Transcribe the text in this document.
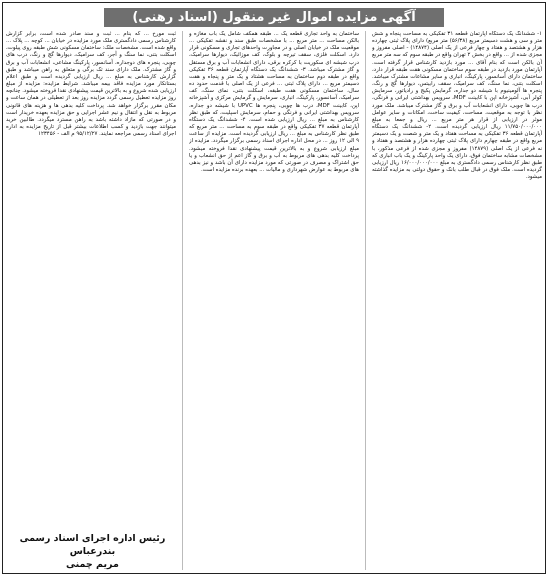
آگهی مزایده اموال غیر منقول (اسناد رهنی)

۱- ششدانگ یک دستگاه آپارتمان قطعه ۳۱ تفکیکی به مساحت پنجاه و شش متر و سی و هشت دسیمتر مربع (۵۶/۳۸) متر مربع) دارای پلاک ثبتی چهارده هزار و هشتصد و هفتاد و چهار فرعی از یک اصلی (۱۴۸۷۴) - اصلی مفروز و مجزی شده از ... واقع در بخش ۲ تهران واقع در طبقه سوم که سه متر مربع آن بالکن است که بنام آقای ... مورد بازدید کارشناس قرار گرفته است. آپارتمان مورد بازدید در طبقه سوم ساختمان مسکونی هفت طبقه قرار دارد، ساختمان دارای آسانسور، پارکینگ، انباری و سایر مشاعات مشترک میباشد. اسکلت بتنی، نما سنگ، کف سرامیک، سقف رابیتس، دیوارها گچ و رنگ، پنجره ها آلومینیوم با شیشه دو جداره، گرمایش پکیج و رادیاتور، سرمایش کولر آبی، آشپزخانه اپن با کابینت MDF، سرویس بهداشتی ایرانی و فرنگی، درب ها چوبی، دارای انشعابات آب و برق و گاز مشترک میباشد. ملک مورد نظر با توجه به موقعیت، مساحت، کیفیت ساخت، امکانات و سایر عوامل موثر در ارزیابی از قرار هر متر مربع ... ریال و جمعا به مبلغ ۱۱/۷۵۰/۰۰۰/۰۰۰ ریال ارزیابی گردیده است. ۲- ششدانگ یک دستگاه آپارتمان قطعه ۳۶ تفکیکی به مساحت هفتاد و یک متر و شصت و یک دسیمتر مربع واقع در طبقه چهارم دارای پلاک ثبتی چهارده هزار و هشتصد و هفتاد و نه فرعی از یک اصلی (۱۴۸۷۹) مفروز و مجزی شده از فرعی مذکور، با مشخصات مشابه ساختمان فوق، دارای یک واحد پارکینگ و یک باب انباری که طبق نظر کارشناس رسمی دادگستری به مبلغ ۱۶/۰۰۰/۰۰۰/۰۰۰ ریال ارزیابی گردیده است. ملک فوق در قبال طلب بانک و حقوق دولتی به مزایده گذاشته میشود.

ساختمان به واحد تجاری قطعه یک ... طبقه همکف شامل یک باب مغازه و بالکن مساحت ... متر مربع ... با مشخصات طبق سند و نقشه تفکیکی ... موقعیت ملک در خیابان اصلی و در مجاورت واحدهای تجاری و مسکونی قرار دارد. اسکلت فلزی، سقف تیرچه و بلوک، کف موزائیک، دیوارها سرامیک، درب شیشه ای سکوریت با کرکره برقی، دارای انشعابات آب و برق مستقل و گاز مشترک میباشد. ۳- ششدانگ یک دستگاه آپارتمان قطعه ۳۶ تفکیکی واقع در طبقه دوم ساختمان به مساحت هشتاد و یک متر و پنجاه و هفت دسیمتر مربع ... دارای پلاک ثبتی ... فرعی از یک اصلی با قدمت حدود ده سال، ساختمان مسکونی هفت طبقه، اسکلت بتنی، نمای سنگ، کف سرامیک، آسانسور، پارکینگ، انباری، سرمایش و گرمایش مرکزی و آشپزخانه اپن، کابینت MDF، درب ها چوبی، پنجره ها UPVC با شیشه دو جداره، سرویس بهداشتی ایرانی و فرنگی و حمام، سرمایش اسپلیت، که طبق نظر کارشناس به مبلغ ... ریال ارزیابی شده است. ۴- ششدانگ یک دستگاه آپارتمان قطعه ۳۷ تفکیکی واقع در طبقه سوم به مساحت ... متر مربع که طبق نظر کارشناس به مبلغ ... ریال ارزیابی گردیده است. مزایده از ساعت ۹ الی ۱۲ روز ... در محل اداره اجرای اسناد رسمی برگزار میگردد. مزایده از مبلغ ارزیابی شروع و به بالاترین قیمت پیشنهادی نقدا فروخته میشود. پرداخت کلیه بدهی های مربوط به آب و برق و گاز اعم از حق انشعاب و یا حق اشتراک و مصرف در صورتی که مورد مزایده دارای آن باشد و نیز بدهی های مربوط به عوارض شهرداری و مالیات ... بعهده برنده مزایده است.

ثبت مورخ ... که بنام ... ثبت و سند صادر شده است، برابر گزارش کارشناس رسمی دادگستری ملک مورد مزایده در خیابان ... کوچه ... پلاک ... واقع شده است. مشخصات ملک: ساختمان مسکونی شش طبقه روی پیلوت، اسکلت بتنی، نما سنگ و آجر، کف سرامیک، دیوارها گچ و رنگ، درب های چوبی، پنجره های دوجداره، آسانسور، پارکینگ مشاعی، انشعابات آب و برق و گاز مشترک. ملک دارای سند تک برگی و متعلق به راهن میباشد و طبق گزارش کارشناس به مبلغ ... ریال ارزیابی گردیده است و طبق اعلام بستانکار مورد مزایده فاقد بیمه میباشد. شرایط مزایده: مزایده از مبلغ ارزیابی شده شروع و به بالاترین قیمت پیشنهادی نقدا فروخته میشود. چنانچه روز مزایده تعطیل رسمی گردد مزایده روز بعد از تعطیلی در همان ساعت و مکان مقرر برگزار خواهد شد. پرداخت کلیه بدهی ها و هزینه های قانونی مربوط به نقل و انتقال و نیم عشر اجرایی و حق مزایده بعهده خریدار است و در صورتی که مازاد داشته باشد به راهن مسترد میگردد. طالبین خرید میتوانند جهت بازدید و کسب اطلاعات بیشتر قبل از تاریخ مزایده به اداره اجرای اسناد رسمی مراجعه نمایند. ۹۵/۱۲/۲۷ م الف - ۱۲۳۴۵۶

رئیس اداره اجرای اسناد رسمی بندرعباس
مریم چمنی
